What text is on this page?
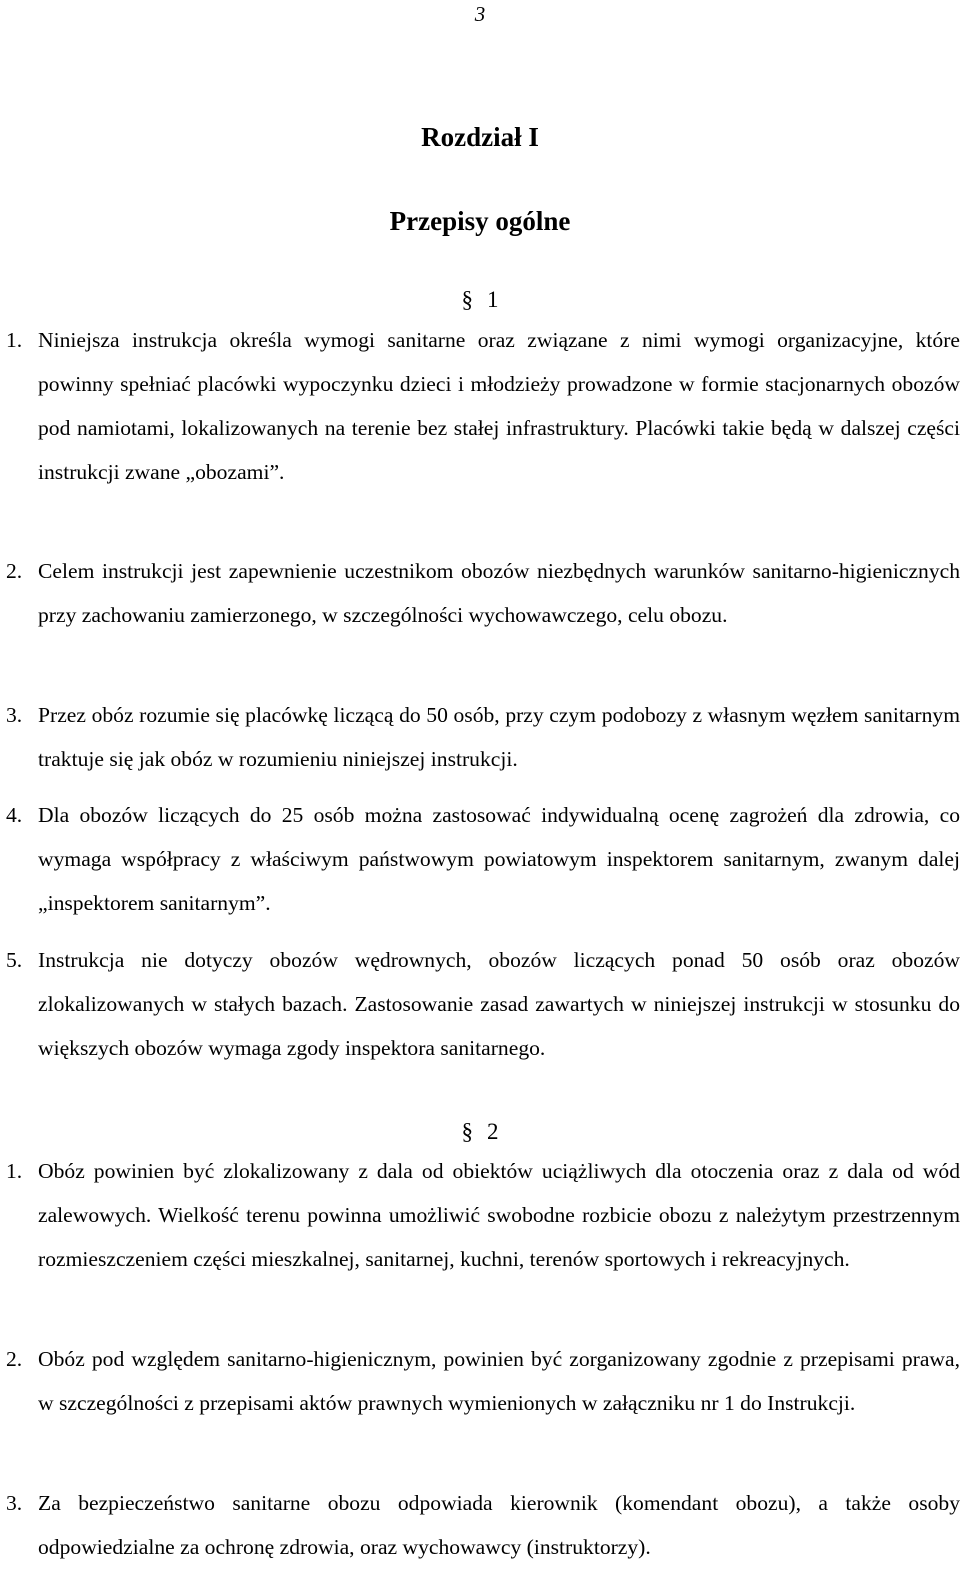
3
Rozdział I
Przepisy ogólne
§ 1
1. Niniejsza instrukcja określa wymogi sanitarne oraz związane z nimi wymogi organizacyjne, które powinny spełniać placówki wypoczynku dzieci i młodzieży prowadzone w formie stacjonarnych obozów pod namiotami, lokalizowanych na terenie bez stałej infrastruktury. Placówki takie będą w dalszej części instrukcji zwane „obozami”.
2. Celem instrukcji jest zapewnienie uczestnikom obozów niezbędnych warunków sanitarno-higienicznych przy zachowaniu zamierzonego, w szczególności wychowawczego, celu obozu.
3. Przez obóz rozumie się placówkę liczącą do 50 osób, przy czym podobozy z własnym węzłem sanitarnym traktuje się jak obóz w rozumieniu niniejszej instrukcji.
4. Dla obozów liczących do 25 osób można zastosować indywidualną ocenę zagrożeń dla zdrowia, co wymaga współpracy z właściwym państwowym powiatowym inspektorem sanitarnym, zwanym dalej „inspektorem sanitarnym”.
5. Instrukcja nie dotyczy obozów wędrownych, obozów liczących ponad 50 osób oraz obozów zlokalizowanych w stałych bazach. Zastosowanie zasad zawartych w niniejszej instrukcji w stosunku do większych obozów wymaga zgody inspektora sanitarnego.
§ 2
1. Obóz powinien być zlokalizowany z dala od obiektów uciążliwych dla otoczenia oraz z dala od wód zalewowych. Wielkość terenu powinna umożliwić swobodne rozbicie obozu z należytym przestrzennym rozmieszczeniem części mieszkalnej, sanitarnej, kuchni, terenów sportowych i rekreacyjnych.
2. Obóz pod względem sanitarno-higienicznym, powinien być zorganizowany zgodnie z przepisami prawa, w szczególności z przepisami aktów prawnych wymienionych w załączniku nr 1 do Instrukcji.
3. Za bezpieczeństwo sanitarne obozu odpowiada kierownik (komendant obozu), a także osoby odpowiedzialne za ochronę zdrowia, oraz wychowawcy (instruktorzy).
